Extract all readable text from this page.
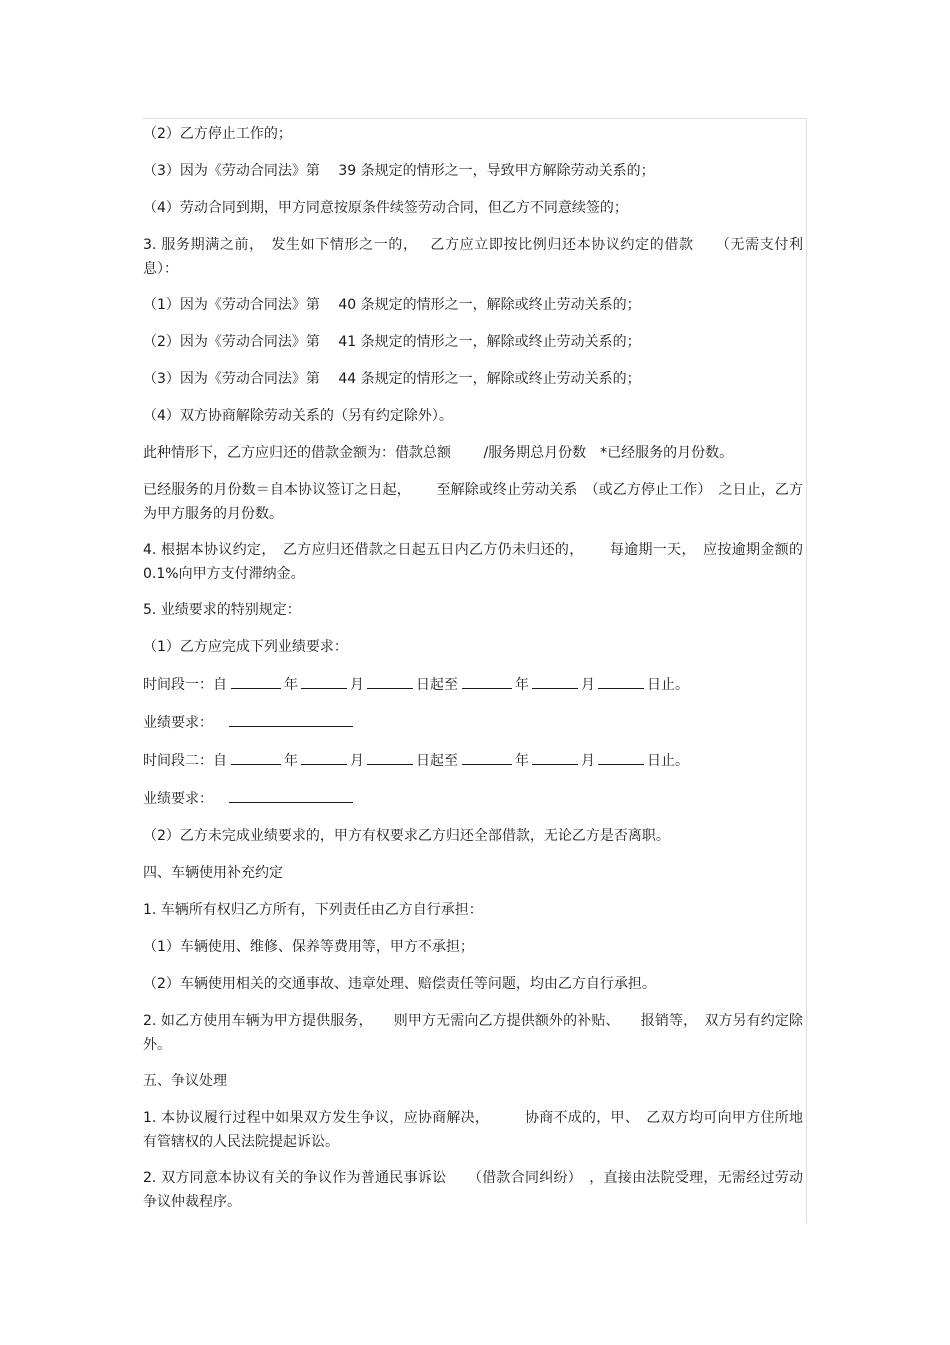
（2）乙方停止工作的；

（3）因为《劳动合同法》第　 39 条规定的情形之一，导致甲方解除劳动关系的；

（4）劳动合同到期，甲方同意按原条件续签劳动合同，但乙方不同意续签的；

3. 服务期满之前，　发生如下情形之一的，　 乙方应立即按比例归还本协议约定的借款　　（无需支付利息）：

（1）因为《劳动合同法》第　 40 条规定的情形之一，解除或终止劳动关系的；

（2）因为《劳动合同法》第　 41 条规定的情形之一，解除或终止劳动关系的；

（3）因为《劳动合同法》第　 44 条规定的情形之一，解除或终止劳动关系的；

（4）双方协商解除劳动关系的（另有约定除外）。

此种情形下，乙方应归还的借款金额为：借款总额　　 /服务期总月份数　*已经服务的月份数。

已经服务的月份数＝自本协议签订之日起，　　 至解除或终止劳动关系　（或乙方停止工作）　之日止，乙方为甲方服务的月份数。

4. 根据本协议约定，　乙方应归还借款之日起五日内乙方仍未归还的，　　 每逾期一天，　应按逾期金额的　0.1%向甲方支付滞纳金。

5. 业绩要求的特别规定：

（1）乙方应完成下列业绩要求：

时间段一：自	年	月	日起至	年	月	日止。

业绩要求：

时间段二：自	年	月	日起至	年	月	日止。

业绩要求：

（2）乙方未完成业绩要求的，甲方有权要求乙方归还全部借款，无论乙方是否离职。

四、车辆使用补充约定

1. 车辆所有权归乙方所有，下列责任由乙方自行承担：

（1）车辆使用、维修、保养等费用等，甲方不承担；

（2）车辆使用相关的交通事故、违章处理、赔偿责任等问题，均由乙方自行承担。

2. 如乙方使用车辆为甲方提供服务，　　则甲方无需向乙方提供额外的补贴、　　报销等，　双方另有约定除外。

五、争议处理

1. 本协议履行过程中如果双方发生争议，应协商解决，　　　协商不成的，甲、　乙双方均可向甲方住所地有管辖权的人民法院提起诉讼。

2. 双方同意本协议有关的争议作为普通民事诉讼　　（借款合同纠纷）　，直接由法院受理，无需经过劳动争议仲裁程序。
